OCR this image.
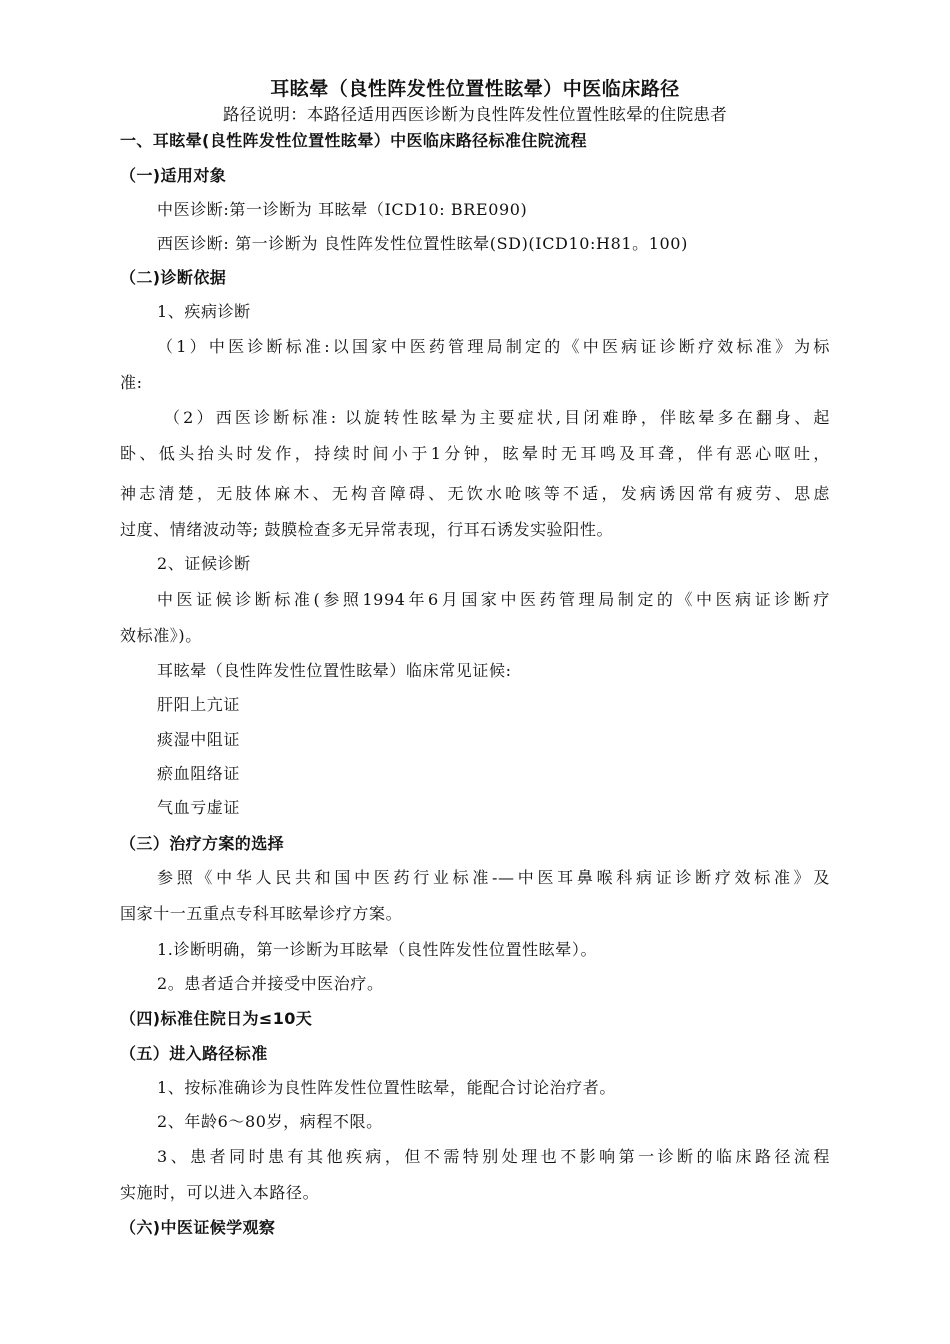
耳眩晕（良性阵发性位置性眩晕）中医临床路径
路径说明：本路径适用西医诊断为良性阵发性位置性眩晕的住院患者
一、耳眩晕(良性阵发性位置性眩晕）中医临床路径标准住院流程
（一)适用对象
中医诊断:第一诊断为 耳眩晕（ICD10: BRE090)
西医诊断: 第一诊断为 良性阵发性位置性眩晕(SD)(ICD10:H81。100)
（二)诊断依据
1、疾病诊断
（1）中医诊断标准:以国家中医药管理局制定的《中医病证诊断疗效标准》为标
准:
（2）西医诊断标准: 以旋转性眩晕为主要症状,目闭难睁，伴眩晕多在翻身、起
卧、低头抬头时发作，持续时间小于1分钟，眩晕时无耳鸣及耳聋，伴有恶心呕吐，
神志清楚，无肢体麻木、无构音障碍、无饮水呛咳等不适，发病诱因常有疲劳、思虑
过度、情绪波动等; 鼓膜检查多无异常表现，行耳石诱发实验阳性。
2、证候诊断
中医证候诊断标准(参照1994年6月国家中医药管理局制定的《中医病证诊断疗
效标准》)。
耳眩晕（良性阵发性位置性眩晕）临床常见证候:
肝阳上亢证
痰湿中阻证
瘀血阻络证
气血亏虚证
（三）治疗方案的选择
参照《中华人民共和国中医药行业标准-—中医耳鼻喉科病证诊断疗效标准》及
国家十一五重点专科耳眩晕诊疗方案。
1.诊断明确，第一诊断为耳眩晕（良性阵发性位置性眩晕）。
2。患者适合并接受中医治疗。
（四)标准住院日为≤10天
（五）进入路径标准
1、按标准确诊为良性阵发性位置性眩晕，能配合讨论治疗者。
2、年龄6～80岁，病程不限。
3、患者同时患有其他疾病，但不需特别处理也不影响第一诊断的临床路径流程
实施时，可以进入本路径。
（六)中医证候学观察
